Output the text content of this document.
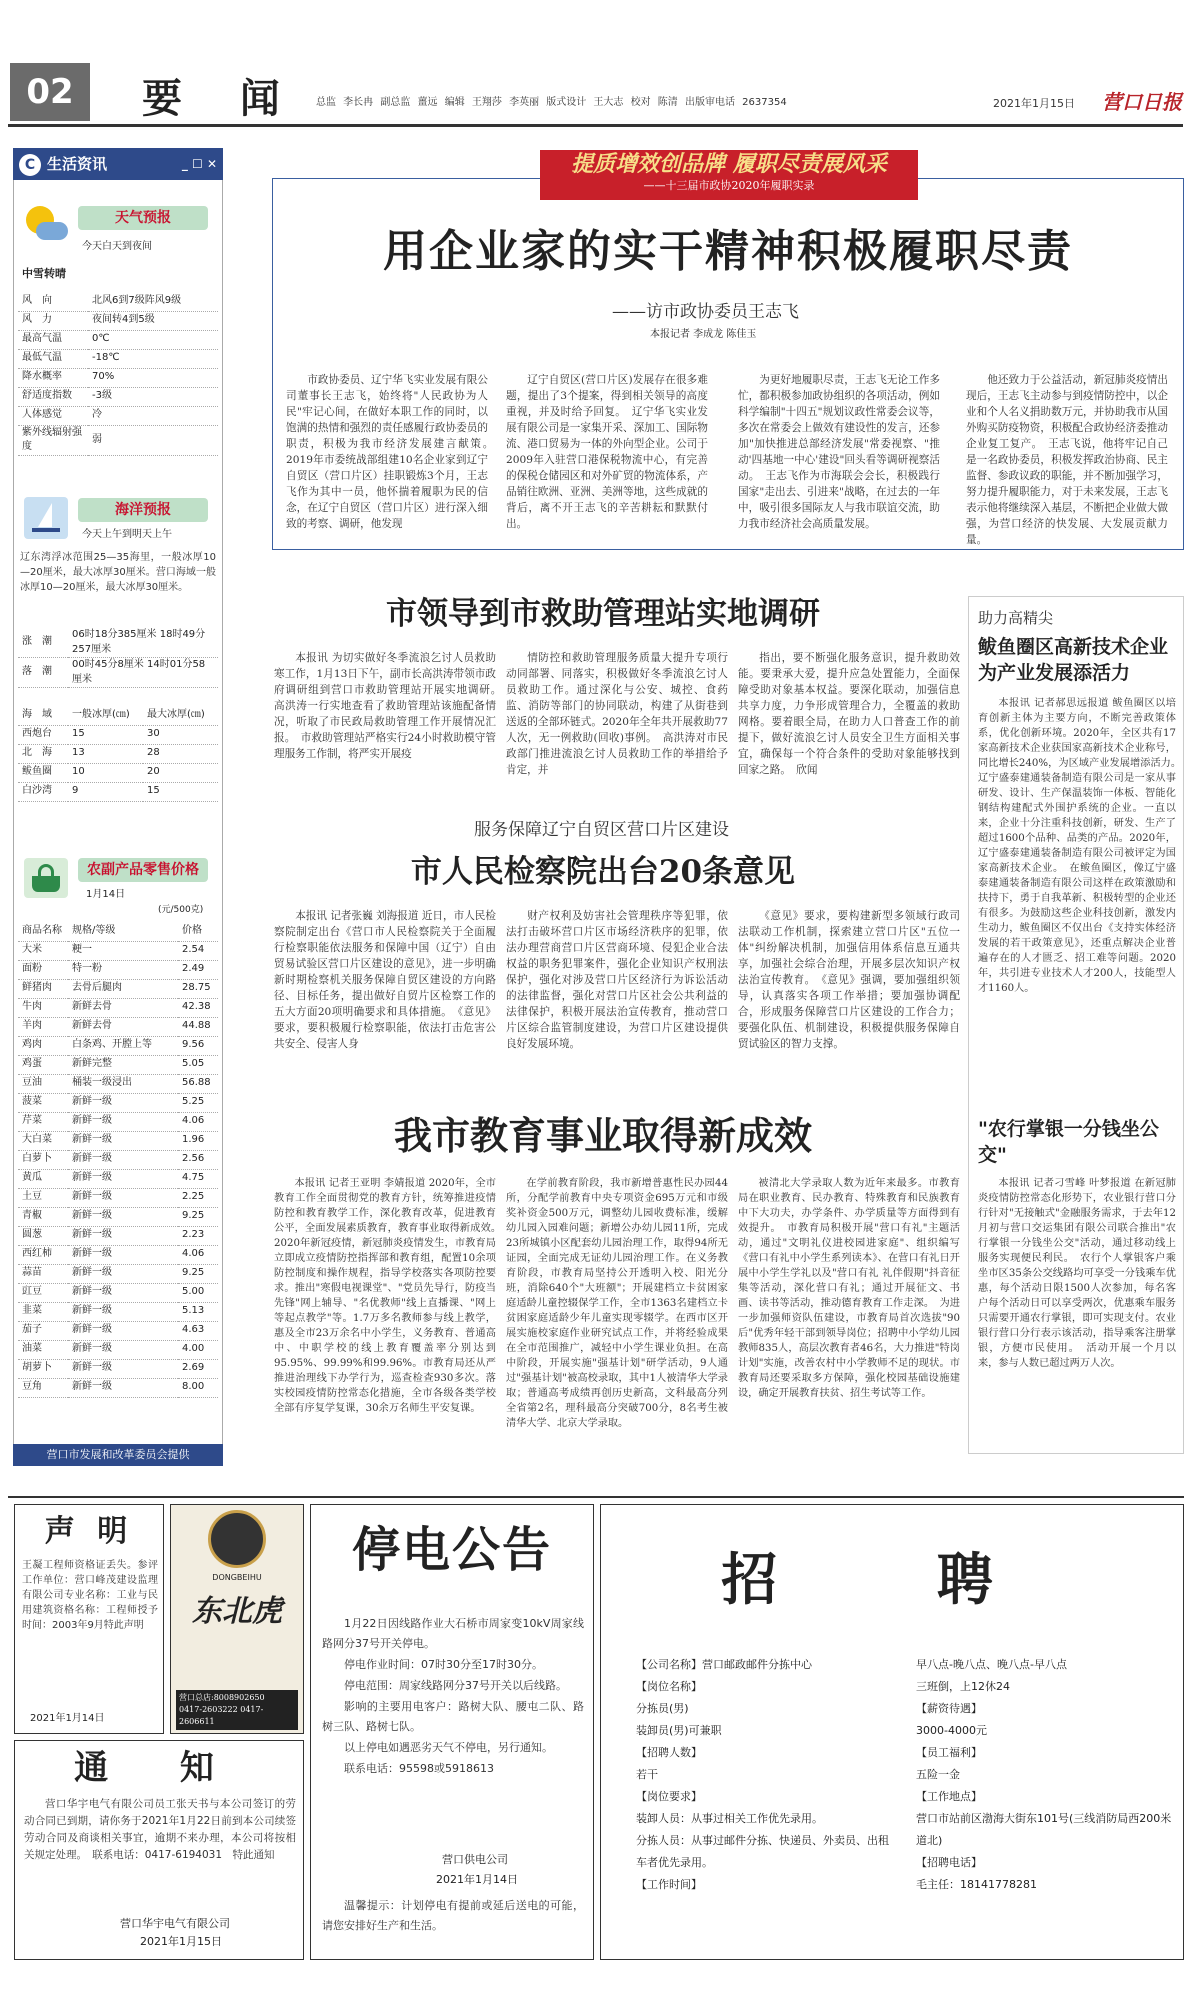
02	要 闻 总监 李长冉 副总监 薑远 编辑 王翔莎 李英丽 版式设计 王大志 校对 陈清 出版审电话 2637354	2021年1月15日 营口日报
C 生活资讯	_ ☐ ✕
天气预报
今天白天到夜间
中雪转晴
风　向	北风6到7级阵风9级
风　力	夜间转4到5级
最高气温	0℃
最低气温	-18℃
降水概率	70%
舒适度指数	-3级
人体感觉	冷
紫外线辐射强度	弱
海洋预报
今天上午到明天上午
辽东湾浮冰范围25—35海里，一般冰厚10—20厘米，最大冰厚30厘米。营口海域一般冰厚10—20厘米，最大冰厚30厘米。
涨　潮	06时18分385厘米 18时49分257厘米
落　潮	00时45分8厘米 14时01分58厘米
海　域	一般冰厚(㎝)	最大冰厚(㎝)
西炮台	15	30
北　海	13	28
鲅鱼圈	10	20
白沙湾	9	15
农副产品零售价格
1月14日
(元/500克)
商品名称	规格/等级	价格
大米	粳一	2.54
面粉	特一粉	2.49
鲜猪肉	去骨后腿肉	28.75
牛肉	新鲜去骨	42.38
羊肉	新鲜去骨	44.88
鸡肉	白条鸡、开膛上等	9.56
鸡蛋	新鲜完整	5.05
豆油	桶装一级浸出	56.88
菠菜	新鲜一级	5.25
芹菜	新鲜一级	4.06
大白菜	新鲜一级	1.96
白萝卜	新鲜一级	2.56
黄瓜	新鲜一级	4.75
土豆	新鲜一级	2.25
青椒	新鲜一级	9.25
圆葱	新鲜一级	2.23
西红柿	新鲜一级	4.06
蒜苗	新鲜一级	9.25
豇豆	新鲜一级	5.00
韭菜	新鲜一级	5.13
茄子	新鲜一级	4.63
油菜	新鲜一级	4.00
胡萝卜	新鲜一级	2.69
豆角	新鲜一级	8.00
营口市发展和改革委员会提供
提质增效创品牌 履职尽责展风采
——十三届市政协2020年履职实录
用企业家的实干精神积极履职尽责
——访市政协委员王志飞
本报记者 李成龙 陈佳玉

市政协委员、辽宁华飞实业发展有限公司董事长王志飞，始终将"人民政协为人民"牢记心间，在做好本职工作的同时，以饱满的热情和强烈的责任感履行政协委员的职责，积极为我市经济发展建言献策。　2019年市委统战部组建10名企业家到辽宁自贸区（营口片区）挂职锻炼3个月，王志飞作为其中一员，他怀揣着履职为民的信念，在辽宁自贸区（营口片区）进行深入细致的考察、调研，他发现

辽宁自贸区(营口片区)发展存在很多难题，提出了3个提案，得到相关领导的高度重视，并及时给予回复。　辽宁华飞实业发展有限公司是一家集开采、深加工、国际物流、港口贸易为一体的外向型企业。公司于2009年入驻营口港保税物流中心，有完善的保税仓储园区和对外矿贸的物流体系，产品销往欧洲、亚洲、美洲等地，这些成就的背后，离不开王志飞的辛苦耕耘和默默付出。

为更好地履职尽责，王志飞无论工作多忙，都积极参加政协组织的各项活动，例如科学编制"十四五"规划议政性常委会议等，多次在常委会上做效有建设性的发言，还参加"加快推进总部经济发展"常委视察、"推动'四基地一中心'建设"回头看等调研视察活动。　王志飞作为市海联会会长，积极践行国家"走出去、引进来"战略，在过去的一年中，吸引很多国际友人与我市联谊交流，助力我市经济社会高质量发展。

他还致力于公益活动，新冠肺炎疫情出现后，王志飞主动参与到疫情防控中，以企业和个人名义捐助数万元，并协助我市从国外购买防疫物资，积极配合政协经济委推动企业复工复产。　王志飞说，他将牢记自己是一名政协委员，积极发挥政治协商、民主监督、参政议政的职能，并不断加强学习，努力提升履职能力，对于未来发展，王志飞表示他将继续深入基层，不断把企业做大做强，为营口经济的快发展、大发展贡献力量。

市领导到市救助管理站实地调研

本报讯 为切实做好冬季流浪乞讨人员救助寒工作，1月13日下午，副市长高洪涛带领市政府调研组到营口市救助管理站开展实地调研。　高洪涛一行实地查看了救助管理站该施配备情况，听取了市民政局救助管理工作开展情况汇报。　市救助管理站严格实行24小时救助模守管理服务工作制，将严实开展疫

情防控和救助管理服务质量大提升专项行动同部署、同落实，积极做好冬季流浪乞讨人员救助工作。通过深化与公安、城控、食药监、消防等部门的协同联动，构建了从街巷到送返的全部环链式。2020年全年共开展救助77人次，无一例救助(回收)事例。　高洪涛对市民政部门推进流浪乞讨人员救助工作的举措给予肯定，并

指出，要不断强化服务意识，提升救助效能。要秉承大爱，提升应急处置能力，全面保障受助对象基本权益。要深化联动，加强信息共享力度，力争形成管理合力，全覆盖的救助网格。要着眼全局，在助力人口普查工作的前提下，做好流浪乞讨人员安全卫生方面相关事宜，确保每一个符合条件的受助对象能够找到回家之路。　欣闻

服务保障辽宁自贸区营口片区建设
市人民检察院出台20条意见

本报讯 记者张巍 刘海报道 近日，市人民检察院制定出台《营口市人民检察院关于全面履行检察职能依法服务和保障中国（辽宁）自由贸易试验区营口片区建设的意见》，进一步明确新时期检察机关服务保障自贸区建设的方向路径、目标任务，提出做好自贸片区检察工作的五大方面20项明确要求和具体措施。　《意见》要求，要积极履行检察职能，依法打击危害公共安全、侵害人身

财产权利及妨害社会管理秩序等犯罪，依法打击破坏营口片区市场经济秩序的犯罪，依法办理营商营口片区营商环境、侵犯企业合法权益的职务犯罪案件，强化企业知识产权刑法保护，强化对涉及营口片区经济行为诉讼活动的法律监督，强化对营口片区社会公共利益的法律保护，积极开展法治宣传教育，推动营口片区综合监管制度建设，为营口片区建设提供良好发展环境。

《意见》要求，要构建新型多领域行政司法联动工作机制，探索建立营口片区"五位一体"纠纷解决机制，加强信用体系信息互通共享，加强社会综合治理，开展多层次知识产权法治宣传教育。　《意见》强调，要加强组织领导，认真落实各项工作举措；要加强协调配合，形成服务保障营口片区建设的工作合力；要强化队伍、机制建设，积极提供服务保障自贸试验区的智力支撑。

我市教育事业取得新成效

本报讯 记者王亚明 李婧报道 2020年，全市教育工作全面贯彻党的教育方针，统筹推进疫情防控和教育教学工作，深化教育改革，促进教育公平，全面发展素质教育，教育事业取得新成效。　2020年新冠疫情，新冠肺炎疫情发生，市教育局立即成立疫情防控指挥部和教育组，配置10余项防控制度和操作规程，指导学校落实各项防控要求。推出"寒假电视课堂"、"党员先导行，防疫当先锋"网上辅导、"名优教师"线上直播课、"网上等起点教学"等。1.7万多名教师参与线上教学，惠及全市23万余名中小学生，义务教育、普通高中、中职学校的线上教育覆盖率分别达到95.95%、99.99%和99.96%。市教育局还从严推进治理线下办学行为，巡查检查930多次。落实校园疫情防控常态化措施，全市各级各类学校全部有序复学复课，30余万名师生平安复课。

在学前教育阶段，我市新增普惠性民办园44所，分配学前教育中央专项资金695万元和市级奖补资金500万元，调整幼儿园收费标准，缓解幼儿园入园难问题；新增公办幼儿园11所，完成23所城镇小区配套幼儿园治理工作，取得94所无证园，全面完成无证幼儿园治理工作。在义务教育阶段，市教育局坚持公开透明入校、阳光分班，消除640个"大班额"；开展建档立卡贫困家庭适龄儿童控辍保学工作，全市1363名建档立卡贫困家庭适龄少年儿童实现零辍学。在西市区开展实施校家庭作业研究试点工作，并将经验成果在全市范围推广，减轻中小学生课业负担。在高中阶段，开展实施"强基计划"研学活动，9人通过"强基计划"被高校录取，其中1人被清华大学录取；普通高考成绩再创历史新高，文科最高分列全省第2名，理科最高分突破700分，8名考生被清华大学、北京大学录取。

被清北大学录取人数为近年来最多。市教育局在职业教育、民办教育、特殊教育和民族教育中下大功夫，办学条件、办学质量等方面得到有效提升。　市教育局积极开展"营口有礼"主题活动，通过"文明礼仪进校园进家庭"、组织编写《营口有礼中小学生系列读本》、在营口有礼日开展中小学生学礼以及"营口有礼 礼伴假期"抖音征集等活动，深化营口有礼；通过开展征文、书画、读书等活动，推动德育教育工作走深。　为进一步加强师资队伍建设，市教育局首次选拔"90后"优秀年轻干部到领导岗位；招聘中小学幼儿园教师835人，高层次教育者46名，大力推进"特岗计划"实施，改善农村中小学教师不足的现状。市教育局还要采取多方保障，强化校园基础设施建设，确定开展教育扶贫、招生考试等工作。

助力高精尖
鲅鱼圈区高新技术企业为产业发展添活力

本报讯 记者郝思远报道 鲅鱼圈区以培育创新主体为主要方向，不断完善政策体系，优化创新环境。2020年，全区共有17家高新技术企业获国家高新技术企业称号，同比增长240%，为区域产业发展增添活力。　辽宁盛泰建通装备制造有限公司是一家从事研发、设计、生产保温装饰一体板、智能化钢结构建配式外围护系统的企业。一直以来，企业十分注重科技创新，研发、生产了超过1600个品种、品类的产品。2020年，辽宁盛泰建通装备制造有限公司被评定为国家高新技术企业。　在鲅鱼圈区，像辽宁盛泰建通装备制造有限公司这样在政策激励和扶持下，勇于自我革新、积极转型的企业还有很多。为鼓励这些企业科技创新，激发内生动力，鲅鱼圈区不仅出台《支持实体经济发展的若干政策意见》，还重点解决企业普遍存在的人才匮乏、招工难等问题。2020年，共引进专业技术人才200人，技能型人才1160人。

"农行掌银一分钱坐公交"

本报讯 记者刁雪峰 叶梦报道 在新冠肺炎疫情防控常态化形势下，农业银行营口分行针对"无接触式"金融服务需求，于去年12月初与营口交运集团有限公司联合推出"农行掌银一分钱坐公交"活动，通过移动线上服务实现便民利民。　农行个人掌银客户乘坐市区35条公交线路均可享受一分钱乘车优惠，每个活动日限1500人次参加，每名客户每个活动日可以享受两次，优惠乘车服务只需要开通农行掌银，即可实现支付。农业银行营口分行表示该活动，指导乘客注册掌银，方便市民使用。　活动开展一个月以来，参与人数已超过两万人次。

声 明
王凝工程师资格证丢失。参评工作单位：营口峰茂建设监理有限公司专业名称：工业与民用建筑资格名称：工程师授予时间：2003年9月特此声明
2021年1月14日
DONGBEIHU
东北虎
营口总店:8008902650
0417-2603222 0417-2606611
通 知
营口华宇电气有限公司员工张天书与本公司签订的劳动合同已到期，请你务于2021年1月22日前到本公司续签劳动合同及商谈相关事宜，逾期不来办理，本公司将按相关规定处理。　联系电话：0417-6194031　特此通知
营口华宇电气有限公司
2021年1月15日
停电公告

1月22日因线路作业大石桥市周家变10kV周家线路网分37号开关停电。

停电作业时间：07时30分至17时30分。

停电范围：周家线路网分37号开关以后线路。

影响的主要用电客户：路树大队、腰屯二队、路树三队、路树七队。

以上停电如遇恶劣天气不停电，另行通知。

联系电话：95598或5918613

营口供电公司
2021年1月14日
温馨提示：计划停电有提前或延后送电的可能，请您安排好生产和生活。
招 聘
【公司名称】营口邮政邮件分拣中心
【岗位名称】
分拣员(男)
装卸员(男)可兼职
【招聘人数】
若干
【岗位要求】
装卸人员：从事过相关工作优先录用。
分拣人员：从事过邮件分拣、快递员、外卖员、出租车者优先录用。
【工作时间】
早八点-晚八点、晚八点-早八点
三班倒，上12休24
【薪资待遇】
3000-4000元
【员工福利】
五险一金
【工作地点】
营口市站前区渤海大街东101号(三线消防局西200米道北)
【招聘电话】
毛主任：18141778281
